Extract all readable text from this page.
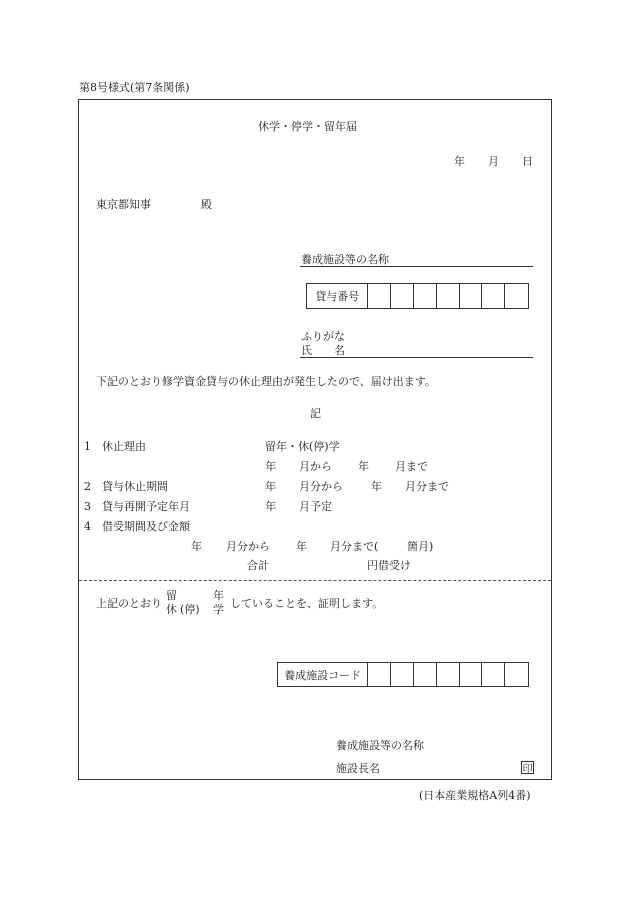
第8号様式(第7条関係)
休学・停学・留年届
年 月 日
東京都知事	殿
養成施設等の名称
貸与番号
ふりがな
氏　　名
下記のとおり修学資金貸与の休止理由が発生したので、届け出ます。
記
1 休止理由	留年・休(停)学
年 月から 年 月まで
2 貸与休止期間	年 月分から	年 月分まで
3 貸与再開予定年月	年 月予定
4 借受期間及び金額
年 月分から 年 月分まで(	箇月)
合計	円借受け
上記のとおり
留	年
休 (停) 学 していることを、証明します。
養成施設コード
養成施設等の名称
施設長名	印
(日本産業規格A列4番)
